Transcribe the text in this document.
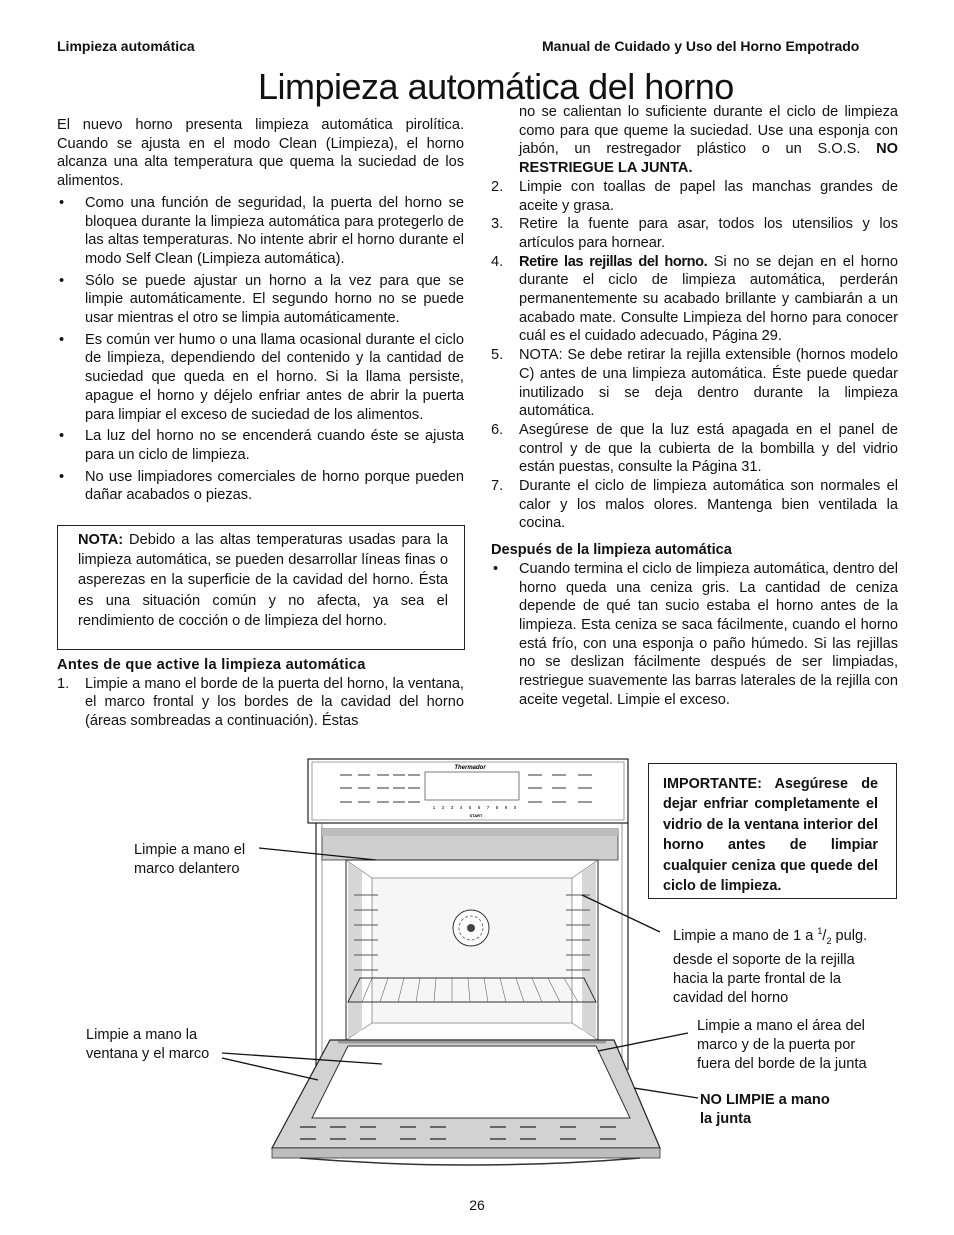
Limpieza automática	Manual de Cuidado y Uso del Horno Empotrado
Limpieza automática del horno
El nuevo horno presenta limpieza automática pirolítica. Cuando se ajusta en el modo Clean (Limpieza), el horno alcanza una alta temperatura que quema la suciedad de los alimentos.
• Como una función de seguridad, la puerta del horno se bloquea durante la limpieza automática para protegerlo de las altas temperaturas. No intente abrir el horno durante el modo Self Clean (Limpieza automática).
• Sólo se puede ajustar un horno a la vez para que se limpie automáticamente. El segundo horno no se puede usar mientras el otro se limpia automáticamente.
• Es común ver humo o una llama ocasional durante el ciclo de limpieza, dependiendo del contenido y la cantidad de suciedad que queda en el horno. Si la llama persiste, apague el horno y déjelo enfriar antes de abrir la puerta para limpiar el exceso de suciedad de los alimentos.
• La luz del horno no se encenderá cuando éste se ajusta para un ciclo de limpieza.
• No use limpiadores comerciales de horno porque pueden dañar acabados o piezas.
NOTA: Debido a las altas temperaturas usadas para la limpieza automática, se pueden desarrollar líneas finas o asperezas en la superficie de la cavidad del horno. Ésta es una situación común y no afecta, ya sea el rendimiento de cocción o de limpieza del horno.
Antes de que active la limpieza automática
1. Limpie a mano el borde de la puerta del horno, la ventana, el marco frontal y los bordes de la cavidad del horno (áreas sombreadas a continuación). Éstas
no se calientan lo suficiente durante el ciclo de limpieza como para que queme la suciedad. Use una esponja con jabón, un restregador plástico o un S.O.S. NO RESTRIEGUE LA JUNTA.
2. Limpie con toallas de papel las manchas grandes de aceite y grasa.
3. Retire la fuente para asar, todos los utensilios y los artículos para hornear.
4. Retire las rejillas del horno. Si no se dejan en el horno durante el ciclo de limpieza automática, perderán permanentemente su acabado brillante y cambiarán a un acabado mate. Consulte Limpieza del horno para conocer cuál es el cuidado adecuado, Página 29.
5. NOTA: Se debe retirar la rejilla extensible (hornos modelo C) antes de una limpieza automática. Éste puede quedar inutilizado si se deja dentro durante la limpieza automática.
6. Asegúrese de que la luz está apagada en el panel de control y de que la cubierta de la bombilla y del vidrio están puestas, consulte la Página 31.
7. Durante el ciclo de limpieza automática son normales el calor y los malos olores. Mantenga bien ventilada la cocina.
Después de la limpieza automática
• Cuando termina el ciclo de limpieza automática, dentro del horno queda una ceniza gris. La cantidad de ceniza depende de qué tan sucio estaba el horno antes de la limpieza. Esta ceniza se saca fácilmente, cuando el horno está frío, con una esponja o paño húmedo. Si las rejillas no se deslizan fácilmente después de ser limpiadas, restriegue suavemente las barras laterales de la rejilla con aceite vegetal. Limpie el exceso.
IMPORTANTE: Asegúrese de dejar enfriar completamente el vidrio de la ventana interior del horno antes de limpiar cualquier ceniza que quede del ciclo de limpieza.
Thermador
1 2 3 4 5 6 7 8 9 0
START
Limpie a mano el
marco delantero
Limpie a mano la
ventana y el marco
Limpie a mano de 1 a $^1/_2$ pulg.
desde el soporte de la rejilla
hacia la parte frontal de la
cavidad del horno
Limpie a mano el área del
marco y de la puerta por
fuera del borde de la junta
NO LIMPIE a mano
la junta
26
